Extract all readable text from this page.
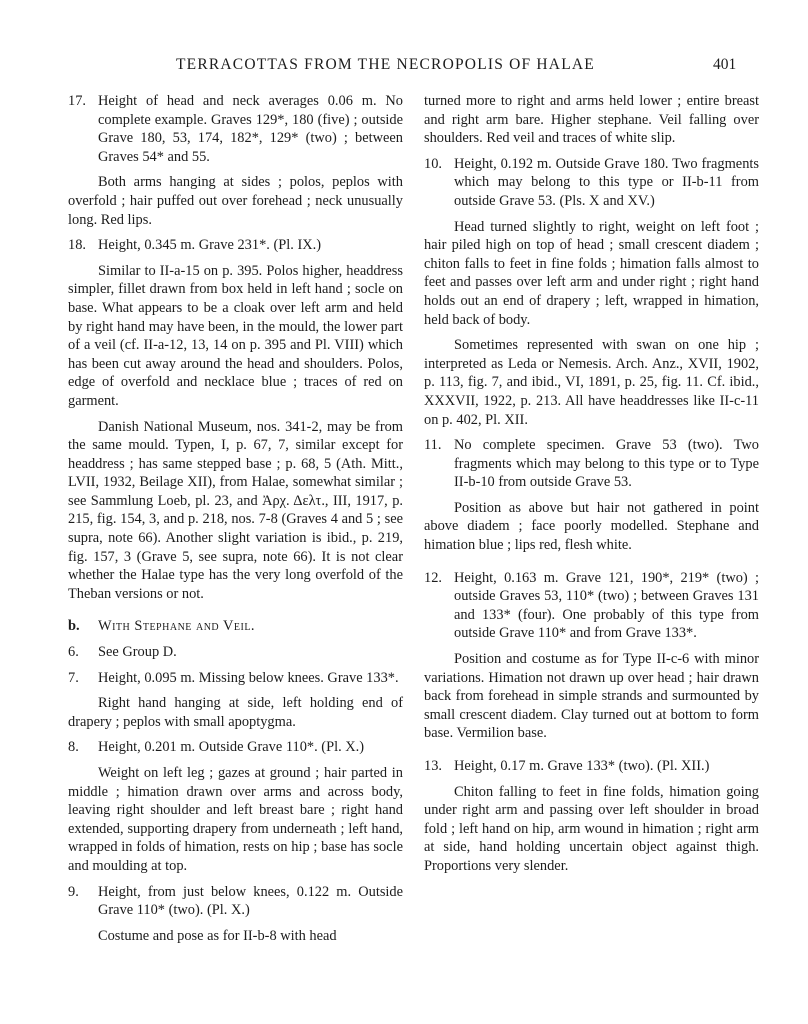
TERRACOTTAS FROM THE NECROPOLIS OF HALAE	401

17. Height of head and neck averages 0.06 m. No complete example. Graves 129*, 180 (five) ; outside Grave 180, 53, 174, 182*, 129* (two) ; between Graves 54* and 55.

Both arms hanging at sides ; polos, peplos with overfold ; hair puffed out over forehead ; neck unusually long. Red lips.

18. Height, 0.345 m. Grave 231*. (Pl. IX.)

Similar to II-a-15 on p. 395. Polos higher, headdress simpler, fillet drawn from box held in left hand ; socle on base. What appears to be a cloak over left arm and held by right hand may have been, in the mould, the lower part of a veil (cf. II-a-12, 13, 14 on p. 395 and Pl. VIII) which has been cut away around the head and shoulders. Polos, edge of overfold and necklace blue ; traces of red on garment.

Danish National Museum, nos. 341-2, may be from the same mould. Typen, I, p. 67, 7, similar except for headdress ; has same stepped base ; p. 68, 5 (Ath. Mitt., LVII, 1932, Beilage XII), from Halae, somewhat similar ; see Sammlung Loeb, pl. 23, and Ἀρχ. Δελτ., III, 1917, p. 215, fig. 154, 3, and p. 218, nos. 7-8 (Graves 4 and 5 ; see supra, note 66). Another slight variation is ibid., p. 219, fig. 157, 3 (Grave 5, see supra, note 66). It is not clear whether the Halae type has the very long overfold of the Theban versions or not.

b. With Stephane and Veil.

6. See Group D.

7. Height, 0.095 m. Missing below knees. Grave 133*.

Right hand hanging at side, left holding end of drapery ; peplos with small apoptygma.

8. Height, 0.201 m. Outside Grave 110*. (Pl. X.)

Weight on left leg ; gazes at ground ; hair parted in middle ; himation drawn over arms and across body, leaving right shoulder and left breast bare ; right hand extended, supporting drapery from underneath ; left hand, wrapped in folds of himation, rests on hip ; base has socle and moulding at top.

9. Height, from just below knees, 0.122 m. Outside Grave 110* (two). (Pl. X.)

Costume and pose as for II-b-8 with head

turned more to right and arms held lower ; entire breast and right arm bare. Higher stephane. Veil falling over shoulders. Red veil and traces of white slip.

10. Height, 0.192 m. Outside Grave 180. Two fragments which may belong to this type or II-b-11 from outside Grave 53. (Pls. X and XV.)

Head turned slightly to right, weight on left foot ; hair piled high on top of head ; small crescent diadem ; chiton falls to feet in fine folds ; himation falls almost to feet and passes over left arm and under right ; right hand holds out an end of drapery ; left, wrapped in himation, held back of body.

Sometimes represented with swan on one hip ; interpreted as Leda or Nemesis. Arch. Anz., XVII, 1902, p. 113, fig. 7, and ibid., VI, 1891, p. 25, fig. 11. Cf. ibid., XXXVII, 1922, p. 213. All have headdresses like II-c-11 on p. 402, Pl. XII.

11. No complete specimen. Grave 53 (two). Two fragments which may belong to this type or to Type II-b-10 from outside Grave 53.

Position as above but hair not gathered in point above diadem ; face poorly modelled. Stephane and himation blue ; lips red, flesh white.

12. Height, 0.163 m. Grave 121, 190*, 219* (two) ; outside Graves 53, 110* (two) ; between Graves 131 and 133* (four). One probably of this type from outside Grave 110* and from Grave 133*.

Position and costume as for Type II-c-6 with minor variations. Himation not drawn up over head ; hair drawn back from forehead in simple strands and surmounted by small crescent diadem. Clay turned out at bottom to form base. Vermilion base.

13. Height, 0.17 m. Grave 133* (two). (Pl. XII.)

Chiton falling to feet in fine folds, himation going under right arm and passing over left shoulder in broad fold ; left hand on hip, arm wound in himation ; right arm at side, hand holding uncertain object against thigh. Proportions very slender.
